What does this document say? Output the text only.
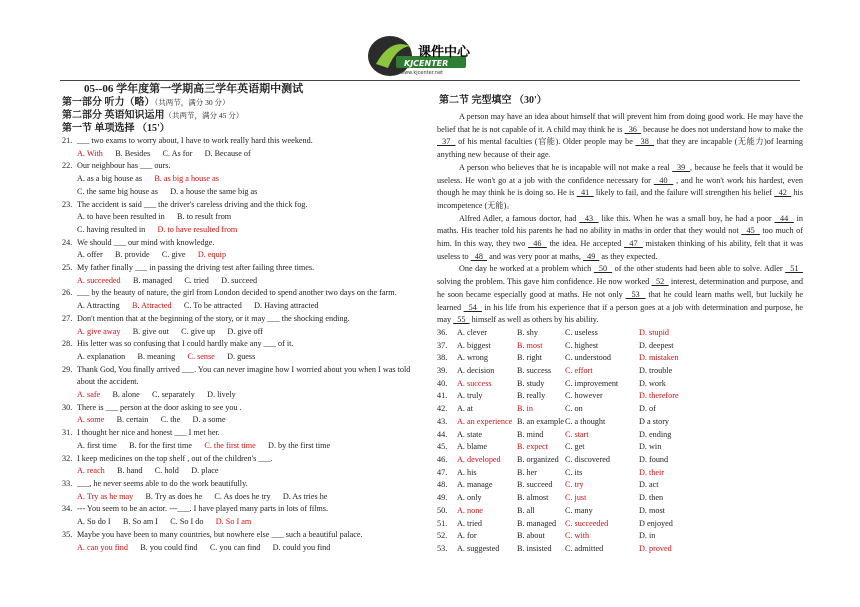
课件中心
KJCENTER
www.kjcenter.net
05--06 学年度第一学期高三学年英语期中测试
第一部分 听力（略）（共两节，满分 30 分）
第二部分 英语知识运用（共两节，满分 45 分）
第一节 单项选择 （15'）
21. ___ two exams to worry about, I have to work really hard this weekend.
A. With B. Besides C. As for D. Because of
22. Our neighbour has ___ ours.
A. as a big house as B. as big a house as
C. the same big house as D. a house the same big as
23. The accident is said ___ the driver's careless driving and the thick fog.
A. to have been resulted in B. to result from
C. having resulted in D. to have resulted from
24. We should ___ our mind with knowledge.
A. offer B. provide C. give D. equip
25. My father finally ___ in passing the driving test after failing three times.
A. succeeded B. managed C. tried D. succeed
26. ___ by the beauty of nature, the girl from London decided to spend another two days on the farm.
A. Attracting B. Attracted C. To be attracted D. Having attracted
27. Don't mention that at the beginning of the story, or it may ___ the shocking ending.
A. give away B. give out C. give up D. give off
28. His letter was so confusing that I could hardly make any ___ of it.
A. explanation B. meaning C. sense D. guess
29. Thank God, You finally arrived ___. You can never imagine how I worried about you when I was told about the accident.
A. safe B. alone C. separately D. lively
30. There is ___ person at the door asking to see you .
A. some B. certain C. the D. a some
31. I thought her nice and honest ___ I met her.
A. first time B. for the first time C. the first time D. by the first time
32. I keep medicines on the top shelf , out of the children's ___.
A. reach B. hand C. hold D. place
33. ___, he never seems able to do the work beautifully.
A. Try as he may B. Try as does he C. As does he try D. As tries he
34. --- You seem to be an actor. ---___. I have played many parts in lots of films.
A. So do I B. So am I C. So I do D. So I am
35. Maybe you have been to many countries, but nowhere else ___ such a beautiful palace.
A. can you find B. you could find C. you can find D. could you find
第二节 完型填空 （30'）

A person may have an idea about himself that will prevent him from doing good work. He may have the belief that he is not capable of it. A child may think he is   36   because he does not understand how to make the   37   of his mental faculties (官能). Older people may be   38   that they are incapable (无能力)of learning anything new because of their age.

A person who believes that he is incapable will not make a real   39  , because he feels that it would be useless. He won't go at a job with the confidence necessary for   40   , and he won't work his hardest, even though he may think he is doing so. He is   41   likely to fail, and the failure will strengthen his belief   42   his incompetence (无能)。

Alfred Adler, a famous doctor, had   43   like this. When he was a small boy, he had a poor   44   in maths. His teacher told his parents he had no ability in maths in order that they would not   45   too much of him. In this way, they two   46   the idea. He accepted   47   mistaken thinking of his ability, felt that it was useless to   48   and was very poor at maths,   49   as they expected.

One day he worked at a problem which   50   of the other students had been able to solve. Adler   51   solving the problem. This gave him confidence. He now worked   52   interest, determination and purpose, and he soon became especially good at maths. He not only   53   that he could learn maths well, but luckily he learned   54   in his life from his experience that if a person goes at a job with determination and purpose, he may   55   himself as well as others by his ability.

36.	A. clever	B. shy	C. useless	D. stupid
37.	A. biggest	B. most	C. highest	D. deepest
38.	A. wrong	B. right	C. understood	D. mistaken
39.	A. decision	B. success	C. effort	D. trouble
40.	A. success	B. study	C. improvement	D. work
41.	A. truly	B. really	C. however	D. therefore
42.	A. at	B. in	C. on	D. of
43.	A. an experience B. an example C. a thought	D a story
44.	A. state	B. mind	C. start	D. ending
45.	A. blame	B. expect	C. get	D. win
46.	A. developed	B. organized C. discovered	D. found
47.	A. his	B. her	C. its	D. their
48.	A. manage	B. succeed	C. try	D. act
49.	A. only	B. almost	C. just	D. then
50.	A. none	B. all	C. many	D. most
51.	A. tried	B. managed	C. succeeded	D enjoyed
52.	A. for	B. about	C. with	D. in
53.	A. suggested	B. insisted	C. admitted	D. proved
